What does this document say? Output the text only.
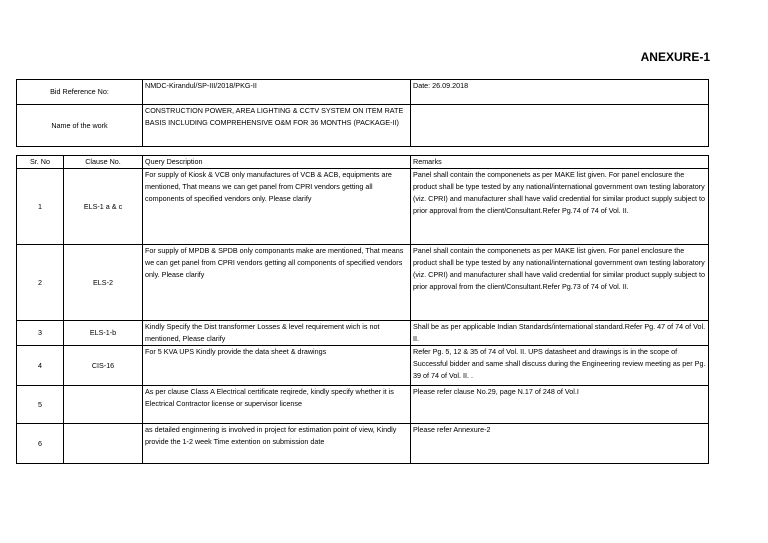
ANEXURE-1
Bid Reference No:	NMDC-Kirandul/SP-III/2018/PKG-II	Date: 26.09.2018
Name of the work	CONSTRUCTION POWER, AREA LIGHTING & CCTV SYSTEM ON ITEM RATE BASIS INCLUDING COMPREHENSIVE O&M FOR 36 MONTHS (PACKAGE-II)	
Sr. No	Clause No.	Query Description	Remarks
1	ELS-1 a & c	For supply of Kiosk & VCB only manufactures of VCB & ACB, equipments are mentioned, That means we can get panel from CPRI vendors getting all components of specified vendors only. Please clarify	Panel shall contain the componenets as per MAKE list given. For panel enclosure the product shall be type tested by any national/international government own testing laboratory (viz. CPRI) and manufacturer shall have valid credential for similar product supply subject to prior approval from the client/Consultant.Refer Pg.74 of 74 of Vol. II.
2	ELS-2	For supply of MPDB & SPDB only componants make are mentioned, That means we can get panel from CPRI vendors getting all components of specified vendors only. Please clarify	Panel shall contain the componenets as per MAKE list given. For panel enclosure the product shall be type tested by any national/international government own testing laboratory (viz. CPRI) and manufacturer shall have valid credential for similar product supply subject to prior approval from the client/Consultant.Refer Pg.73 of 74 of Vol. II.
3	ELS-1-b	Kindly Specify the Dist transformer Losses & level requirement wich is not mentioned, Please clarify	Shall be as per applicable Indian Standards/international standard.Refer Pg. 47 of 74 of Vol. II.
4	CIS-16	For 5 KVA UPS Kindly provide the data sheet & drawings	Refer Pg. 5, 12 & 35 of 74 of Vol. II. UPS datasheet and drawings is in the scope of Successful bidder and same shall discuss during the Engineering review meeting as per Pg. 39 of 74 of Vol. II. .
5		As per clause Class A Electrical certificate reqirede, kindly specify whether it is Electrical Contractor license or supervisor license	Please refer clause No.29, page N.17 of 248 of Vol.I
6		as detailed enginnering is involved in project for estimation point of view, Kindly provide the 1-2 week Time extention on submission date	Please refer Annexure-2
